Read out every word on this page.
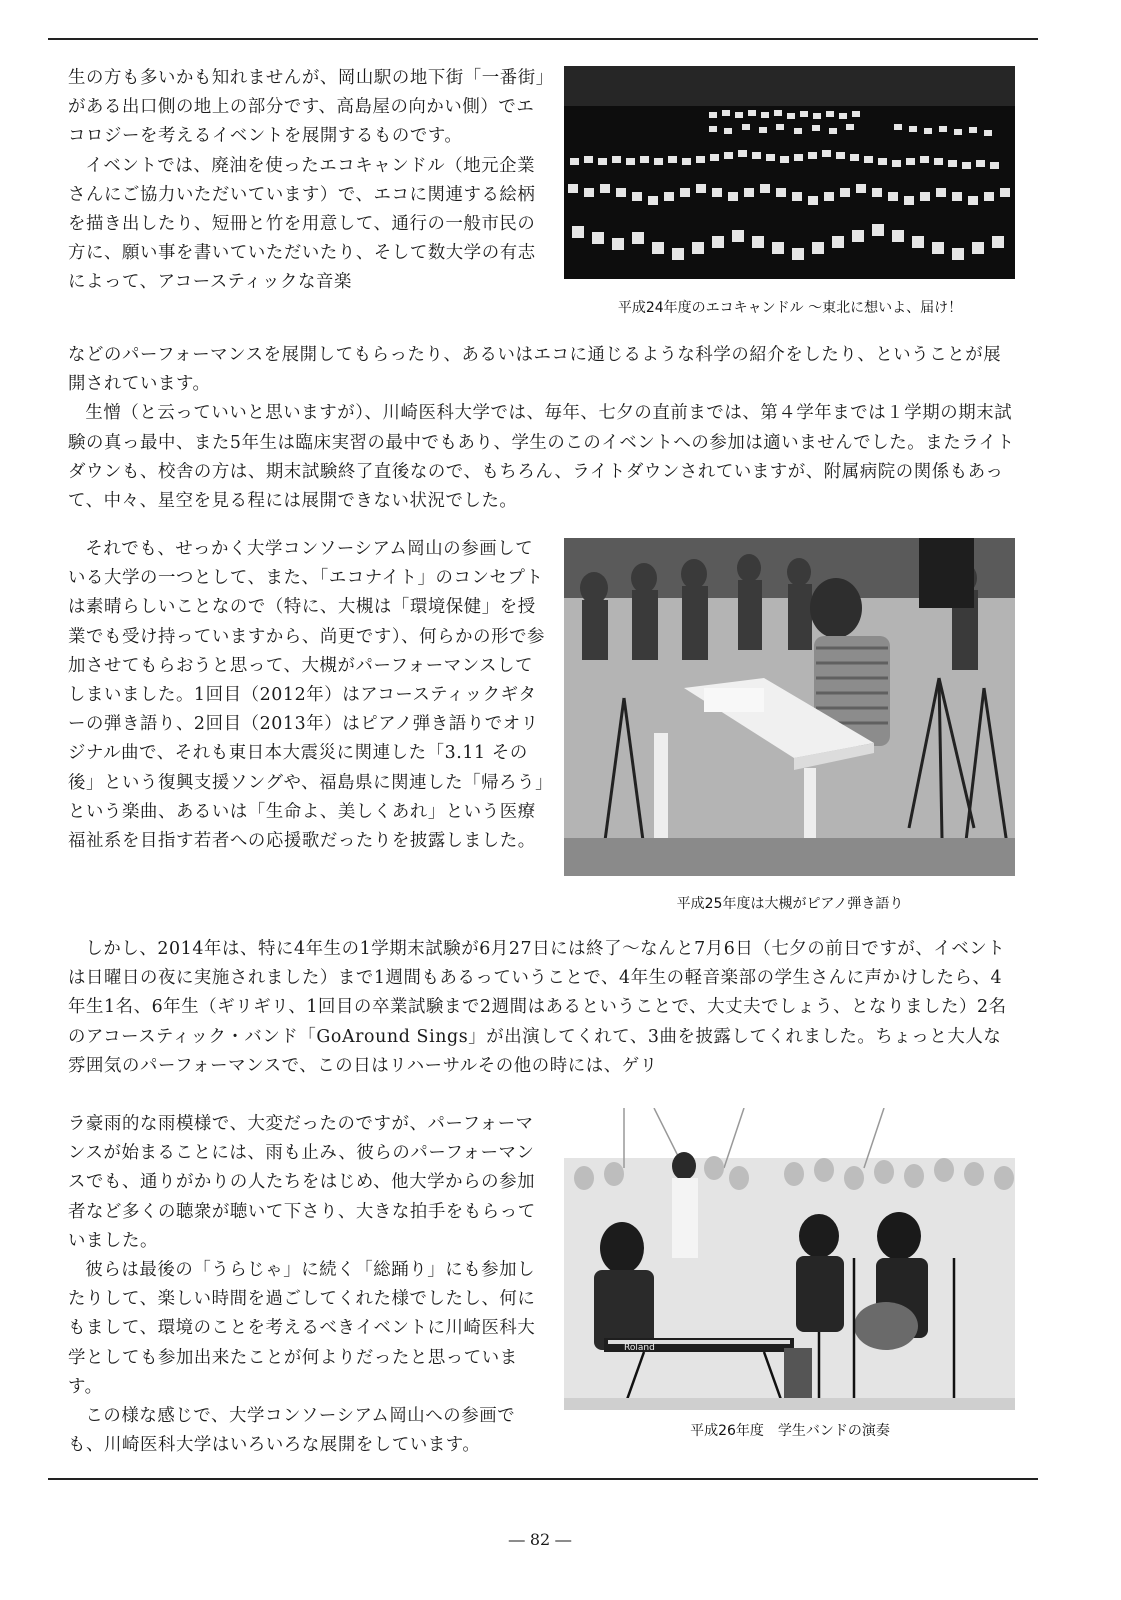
生の方も多いかも知れませんが、岡山駅の地下街「一番街」がある出口側の地上の部分です、高島屋の向かい側）でエコロジーを考えるイベントを展開するものです。

イベントでは、廃油を使ったエコキャンドル（地元企業さんにご協力いただいています）で、エコに関連する絵柄を描き出したり、短冊と竹を用意して、通行の一般市民の方に、願い事を書いていただいたり、そして数大学の有志によって、アコースティックな音楽

平成24年度のエコキャンドル ～東北に想いよ、届け！

などのパーフォーマンスを展開してもらったり、あるいはエコに通じるような科学の紹介をしたり、ということが展開されています。

生憎（と云っていいと思いますが）、川崎医科大学では、毎年、七夕の直前までは、第４学年までは１学期の期末試験の真っ最中、また5年生は臨床実習の最中でもあり、学生のこのイベントへの参加は適いませんでした。またライトダウンも、校舎の方は、期末試験終了直後なので、もちろん、ライトダウンされていますが、附属病院の関係もあって、中々、星空を見る程には展開できない状況でした。

それでも、せっかく大学コンソーシアム岡山の参画している大学の一つとして、また、「エコナイト」のコンセプトは素晴らしいことなので（特に、大槻は「環境保健」を授業でも受け持っていますから、尚更です）、何らかの形で参加させてもらおうと思って、大槻がパーフォーマンスしてしまいました。1回目（2012年）はアコースティックギターの弾き語り、2回目（2013年）はピアノ弾き語りでオリジナル曲で、それも東日本大震災に関連した「3.11 その後」という復興支援ソングや、福島県に関連した「帰ろう」という楽曲、あるいは「生命よ、美しくあれ」という医療福祉系を目指す若者への応援歌だったりを披露しました。

平成25年度は大槻がピアノ弾き語り

しかし、2014年は、特に4年生の1学期末試験が6月27日には終了～なんと7月6日（七夕の前日ですが、イベントは日曜日の夜に実施されました）まで1週間もあるっていうことで、4年生の軽音楽部の学生さんに声かけしたら、4年生1名、6年生（ギリギリ、1回目の卒業試験まで2週間はあるということで、大丈夫でしょう、となりました）2名のアコースティック・バンド「GoAround Sings」が出演してくれて、3曲を披露してくれました。ちょっと大人な雰囲気のパーフォーマンスで、この日はリハーサルその他の時には、ゲリ

ラ豪雨的な雨模様で、大変だったのですが、パーフォーマンスが始まることには、雨も止み、彼らのパーフォーマンスでも、通りがかりの人たちをはじめ、他大学からの参加者など多くの聴衆が聴いて下さり、大きな拍手をもらっていました。

彼らは最後の「うらじゃ」に続く「総踊り」にも参加したりして、楽しい時間を過ごしてくれた様でしたし、何にもまして、環境のことを考えるべきイベントに川崎医科大学としても参加出来たことが何よりだったと思っています。

この様な感じで、大学コンソーシアム岡山への参画でも、川崎医科大学はいろいろな展開をしています。

Roland
平成26年度　学生バンドの演奏
― 82 ―
